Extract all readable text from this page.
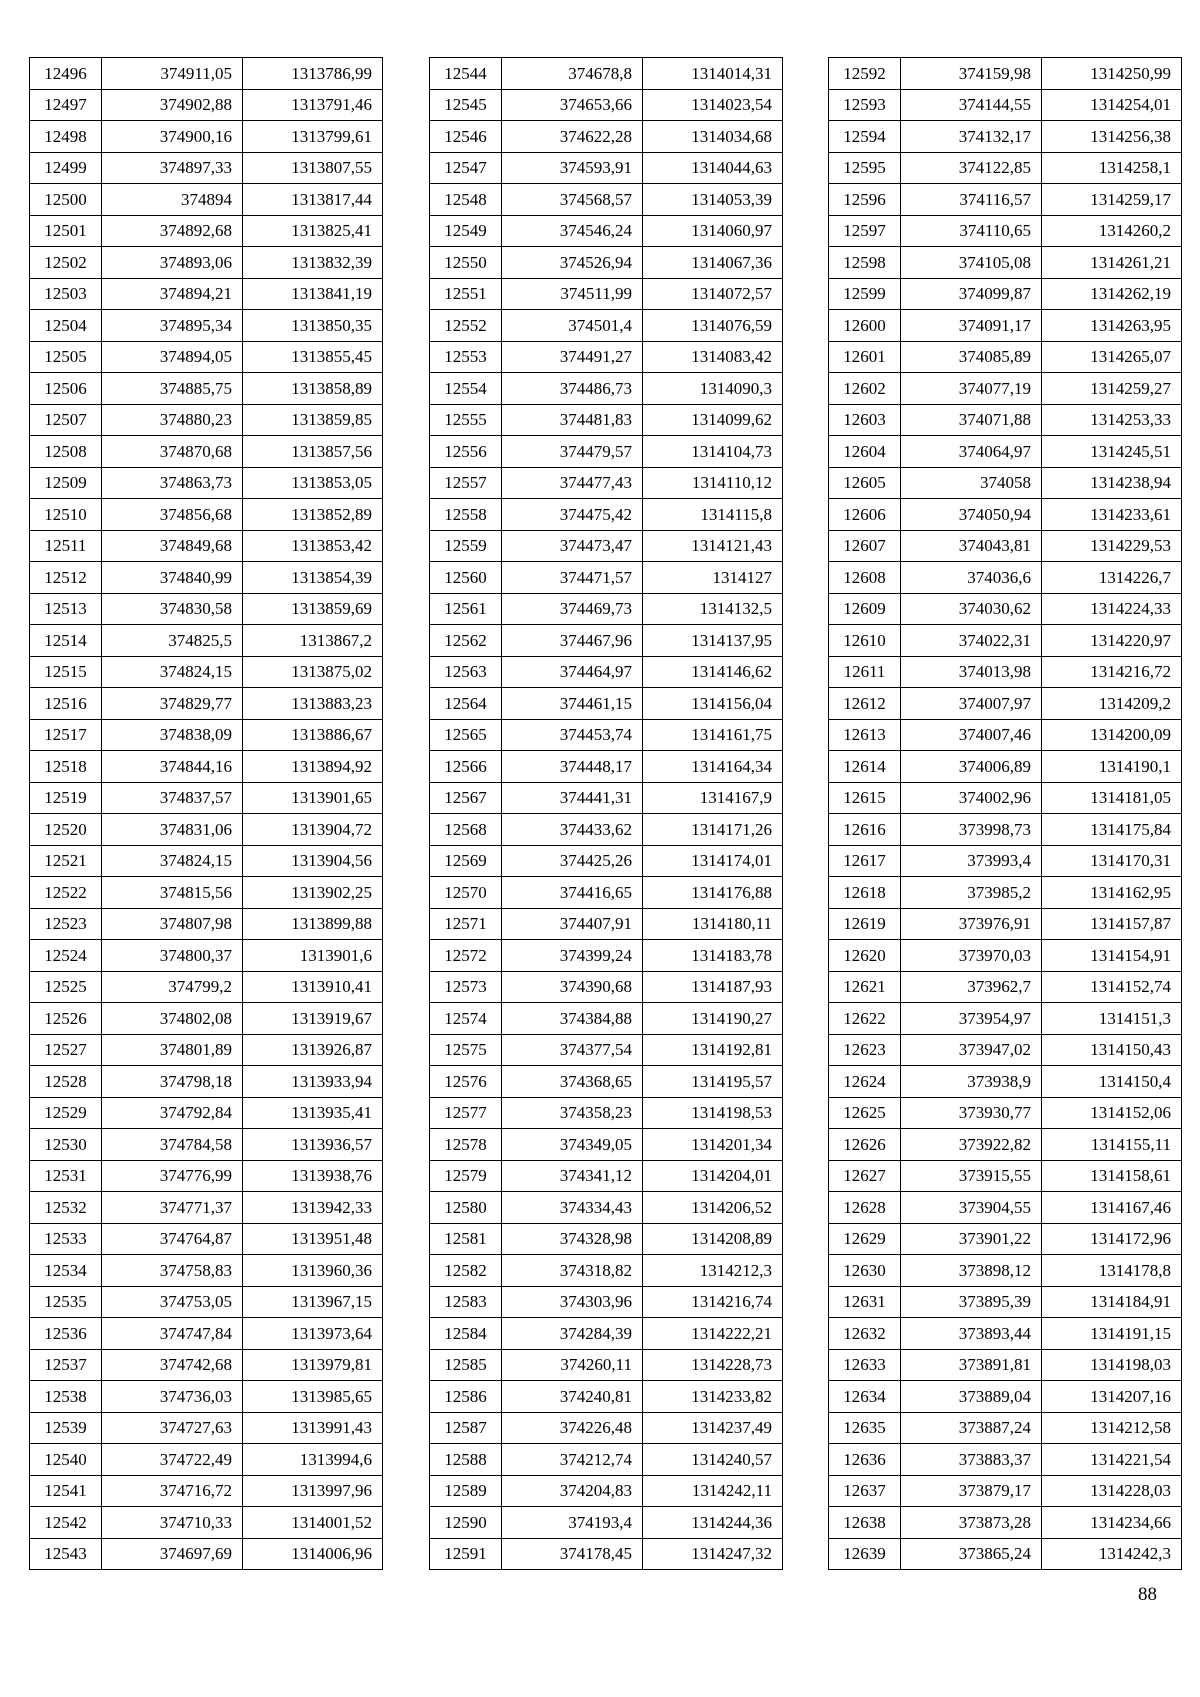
12496	374911,05	1313786,99
12497	374902,88	1313791,46
12498	374900,16	1313799,61
12499	374897,33	1313807,55
12500	374894	1313817,44
12501	374892,68	1313825,41
12502	374893,06	1313832,39
12503	374894,21	1313841,19
12504	374895,34	1313850,35
12505	374894,05	1313855,45
12506	374885,75	1313858,89
12507	374880,23	1313859,85
12508	374870,68	1313857,56
12509	374863,73	1313853,05
12510	374856,68	1313852,89
12511	374849,68	1313853,42
12512	374840,99	1313854,39
12513	374830,58	1313859,69
12514	374825,5	1313867,2
12515	374824,15	1313875,02
12516	374829,77	1313883,23
12517	374838,09	1313886,67
12518	374844,16	1313894,92
12519	374837,57	1313901,65
12520	374831,06	1313904,72
12521	374824,15	1313904,56
12522	374815,56	1313902,25
12523	374807,98	1313899,88
12524	374800,37	1313901,6
12525	374799,2	1313910,41
12526	374802,08	1313919,67
12527	374801,89	1313926,87
12528	374798,18	1313933,94
12529	374792,84	1313935,41
12530	374784,58	1313936,57
12531	374776,99	1313938,76
12532	374771,37	1313942,33
12533	374764,87	1313951,48
12534	374758,83	1313960,36
12535	374753,05	1313967,15
12536	374747,84	1313973,64
12537	374742,68	1313979,81
12538	374736,03	1313985,65
12539	374727,63	1313991,43
12540	374722,49	1313994,6
12541	374716,72	1313997,96
12542	374710,33	1314001,52
12543	374697,69	1314006,96
12544	374678,8	1314014,31
12545	374653,66	1314023,54
12546	374622,28	1314034,68
12547	374593,91	1314044,63
12548	374568,57	1314053,39
12549	374546,24	1314060,97
12550	374526,94	1314067,36
12551	374511,99	1314072,57
12552	374501,4	1314076,59
12553	374491,27	1314083,42
12554	374486,73	1314090,3
12555	374481,83	1314099,62
12556	374479,57	1314104,73
12557	374477,43	1314110,12
12558	374475,42	1314115,8
12559	374473,47	1314121,43
12560	374471,57	1314127
12561	374469,73	1314132,5
12562	374467,96	1314137,95
12563	374464,97	1314146,62
12564	374461,15	1314156,04
12565	374453,74	1314161,75
12566	374448,17	1314164,34
12567	374441,31	1314167,9
12568	374433,62	1314171,26
12569	374425,26	1314174,01
12570	374416,65	1314176,88
12571	374407,91	1314180,11
12572	374399,24	1314183,78
12573	374390,68	1314187,93
12574	374384,88	1314190,27
12575	374377,54	1314192,81
12576	374368,65	1314195,57
12577	374358,23	1314198,53
12578	374349,05	1314201,34
12579	374341,12	1314204,01
12580	374334,43	1314206,52
12581	374328,98	1314208,89
12582	374318,82	1314212,3
12583	374303,96	1314216,74
12584	374284,39	1314222,21
12585	374260,11	1314228,73
12586	374240,81	1314233,82
12587	374226,48	1314237,49
12588	374212,74	1314240,57
12589	374204,83	1314242,11
12590	374193,4	1314244,36
12591	374178,45	1314247,32
12592	374159,98	1314250,99
12593	374144,55	1314254,01
12594	374132,17	1314256,38
12595	374122,85	1314258,1
12596	374116,57	1314259,17
12597	374110,65	1314260,2
12598	374105,08	1314261,21
12599	374099,87	1314262,19
12600	374091,17	1314263,95
12601	374085,89	1314265,07
12602	374077,19	1314259,27
12603	374071,88	1314253,33
12604	374064,97	1314245,51
12605	374058	1314238,94
12606	374050,94	1314233,61
12607	374043,81	1314229,53
12608	374036,6	1314226,7
12609	374030,62	1314224,33
12610	374022,31	1314220,97
12611	374013,98	1314216,72
12612	374007,97	1314209,2
12613	374007,46	1314200,09
12614	374006,89	1314190,1
12615	374002,96	1314181,05
12616	373998,73	1314175,84
12617	373993,4	1314170,31
12618	373985,2	1314162,95
12619	373976,91	1314157,87
12620	373970,03	1314154,91
12621	373962,7	1314152,74
12622	373954,97	1314151,3
12623	373947,02	1314150,43
12624	373938,9	1314150,4
12625	373930,77	1314152,06
12626	373922,82	1314155,11
12627	373915,55	1314158,61
12628	373904,55	1314167,46
12629	373901,22	1314172,96
12630	373898,12	1314178,8
12631	373895,39	1314184,91
12632	373893,44	1314191,15
12633	373891,81	1314198,03
12634	373889,04	1314207,16
12635	373887,24	1314212,58
12636	373883,37	1314221,54
12637	373879,17	1314228,03
12638	373873,28	1314234,66
12639	373865,24	1314242,3
88
